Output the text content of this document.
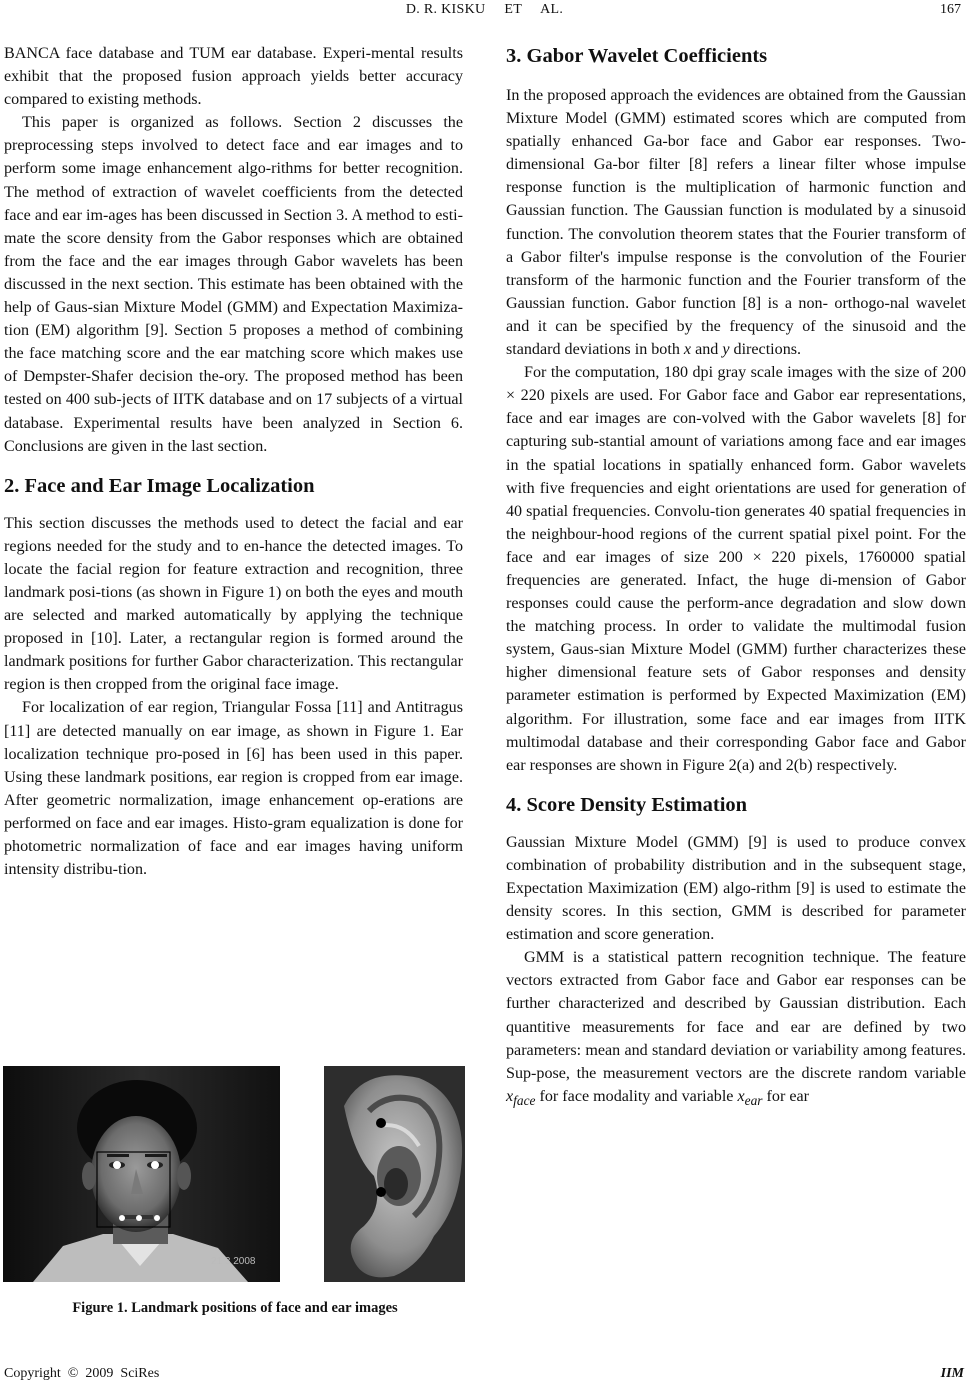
D. R. KISKU     ET     AL.	167

BANCA face database and TUM ear database. Experi-mental results exhibit that the proposed fusion approach yields better accuracy compared to existing methods.

This paper is organized as follows. Section 2 discusses the preprocessing steps involved to detect face and ear images and to perform some image enhancement algo-rithms for better recognition. The method of extraction of wavelet coefficients from the detected face and ear im-ages has been discussed in Section 3. A method to esti-mate the score density from the Gabor responses which are obtained from the face and the ear images through Gabor wavelets has been discussed in the next section. This estimate has been obtained with the help of Gaus-sian Mixture Model (GMM) and Expectation Maximiza-tion (EM) algorithm [9]. Section 5 proposes a method of combining the face matching score and the ear matching score which makes use of Dempster-Shafer decision the-ory. The proposed method has been tested on 400 sub-jects of IITK database and on 17 subjects of a virtual database. Experimental results have been analyzed in Section 6. Conclusions are given in the last section.

2. Face and Ear Image Localization

This section discusses the methods used to detect the facial and ear regions needed for the study and to en-hance the detected images. To locate the facial region for feature extraction and recognition, three landmark posi-tions (as shown in Figure 1) on both the eyes and mouth are selected and marked automatically by applying the technique proposed in [10]. Later, a rectangular region is formed around the landmark positions for further Gabor characterization. This rectangular region is then cropped from the original face image.

For localization of ear region, Triangular Fossa [11] and Antitragus [11] are detected manually on ear image, as shown in Figure 1. Ear localization technique pro-posed in [6] has been used in this paper. Using these landmark positions, ear region is cropped from ear image. After geometric normalization, image enhancement op-erations are performed on face and ear images. Histo-gram equalization is done for photometric normalization of face and ear images having uniform intensity distribu-tion.

21 3 2008
Figure 1. Landmark positions of face and ear images
3. Gabor Wavelet Coefficients

In the proposed approach the evidences are obtained from the Gaussian Mixture Model (GMM) estimated scores which are computed from spatially enhanced Ga-bor face and Gabor ear responses. Two-dimensional Ga-bor filter [8] refers a linear filter whose impulse response function is the multiplication of harmonic function and Gaussian function. The Gaussian function is modulated by a sinusoid function. The convolution theorem states that the Fourier transform of a Gabor filter's impulse response is the convolution of the Fourier transform of the harmonic function and the Fourier transform of the Gaussian function. Gabor function [8] is a non- orthogo-nal wavelet and it can be specified by the frequency of the sinusoid and the standard deviations in both x and y directions.

For the computation, 180 dpi gray scale images with the size of 200 × 220 pixels are used. For Gabor face and Gabor ear representations, face and ear images are con-volved with the Gabor wavelets [8] for capturing sub-stantial amount of variations among face and ear images in the spatial locations in spatially enhanced form. Gabor wavelets with five frequencies and eight orientations are used for generation of 40 spatial frequencies. Convolu-tion generates 40 spatial frequencies in the neighbour-hood regions of the current spatial pixel point. For the face and ear images of size 200 × 220 pixels, 1760000 spatial frequencies are generated. Infact, the huge di-mension of Gabor responses could cause the perform-ance degradation and slow down the matching process. In order to validate the multimodal fusion system, Gaus-sian Mixture Model (GMM) further characterizes these higher dimensional feature sets of Gabor responses and density parameter estimation is performed by Expected Maximization (EM) algorithm. For illustration, some face and ear images from IITK multimodal database and their corresponding Gabor face and Gabor ear responses are shown in Figure 2(a) and 2(b) respectively.

4. Score Density Estimation

Gaussian Mixture Model (GMM) [9] is used to produce convex combination of probability distribution and in the subsequent stage, Expectation Maximization (EM) algo-rithm [9] is used to estimate the density scores. In this section, GMM is described for parameter estimation and score generation.

GMM is a statistical pattern recognition technique. The feature vectors extracted from Gabor face and Gabor ear responses can be further characterized and described by Gaussian distribution. Each quantitive measurements for face and ear are defined by two parameters: mean and standard deviation or variability among features. Sup-pose, the measurement vectors are the discrete random variable $x_{face}$ for face modality and variable $x_{ear}$ for ear

Copyright  ©  2009  SciRes	IIM
